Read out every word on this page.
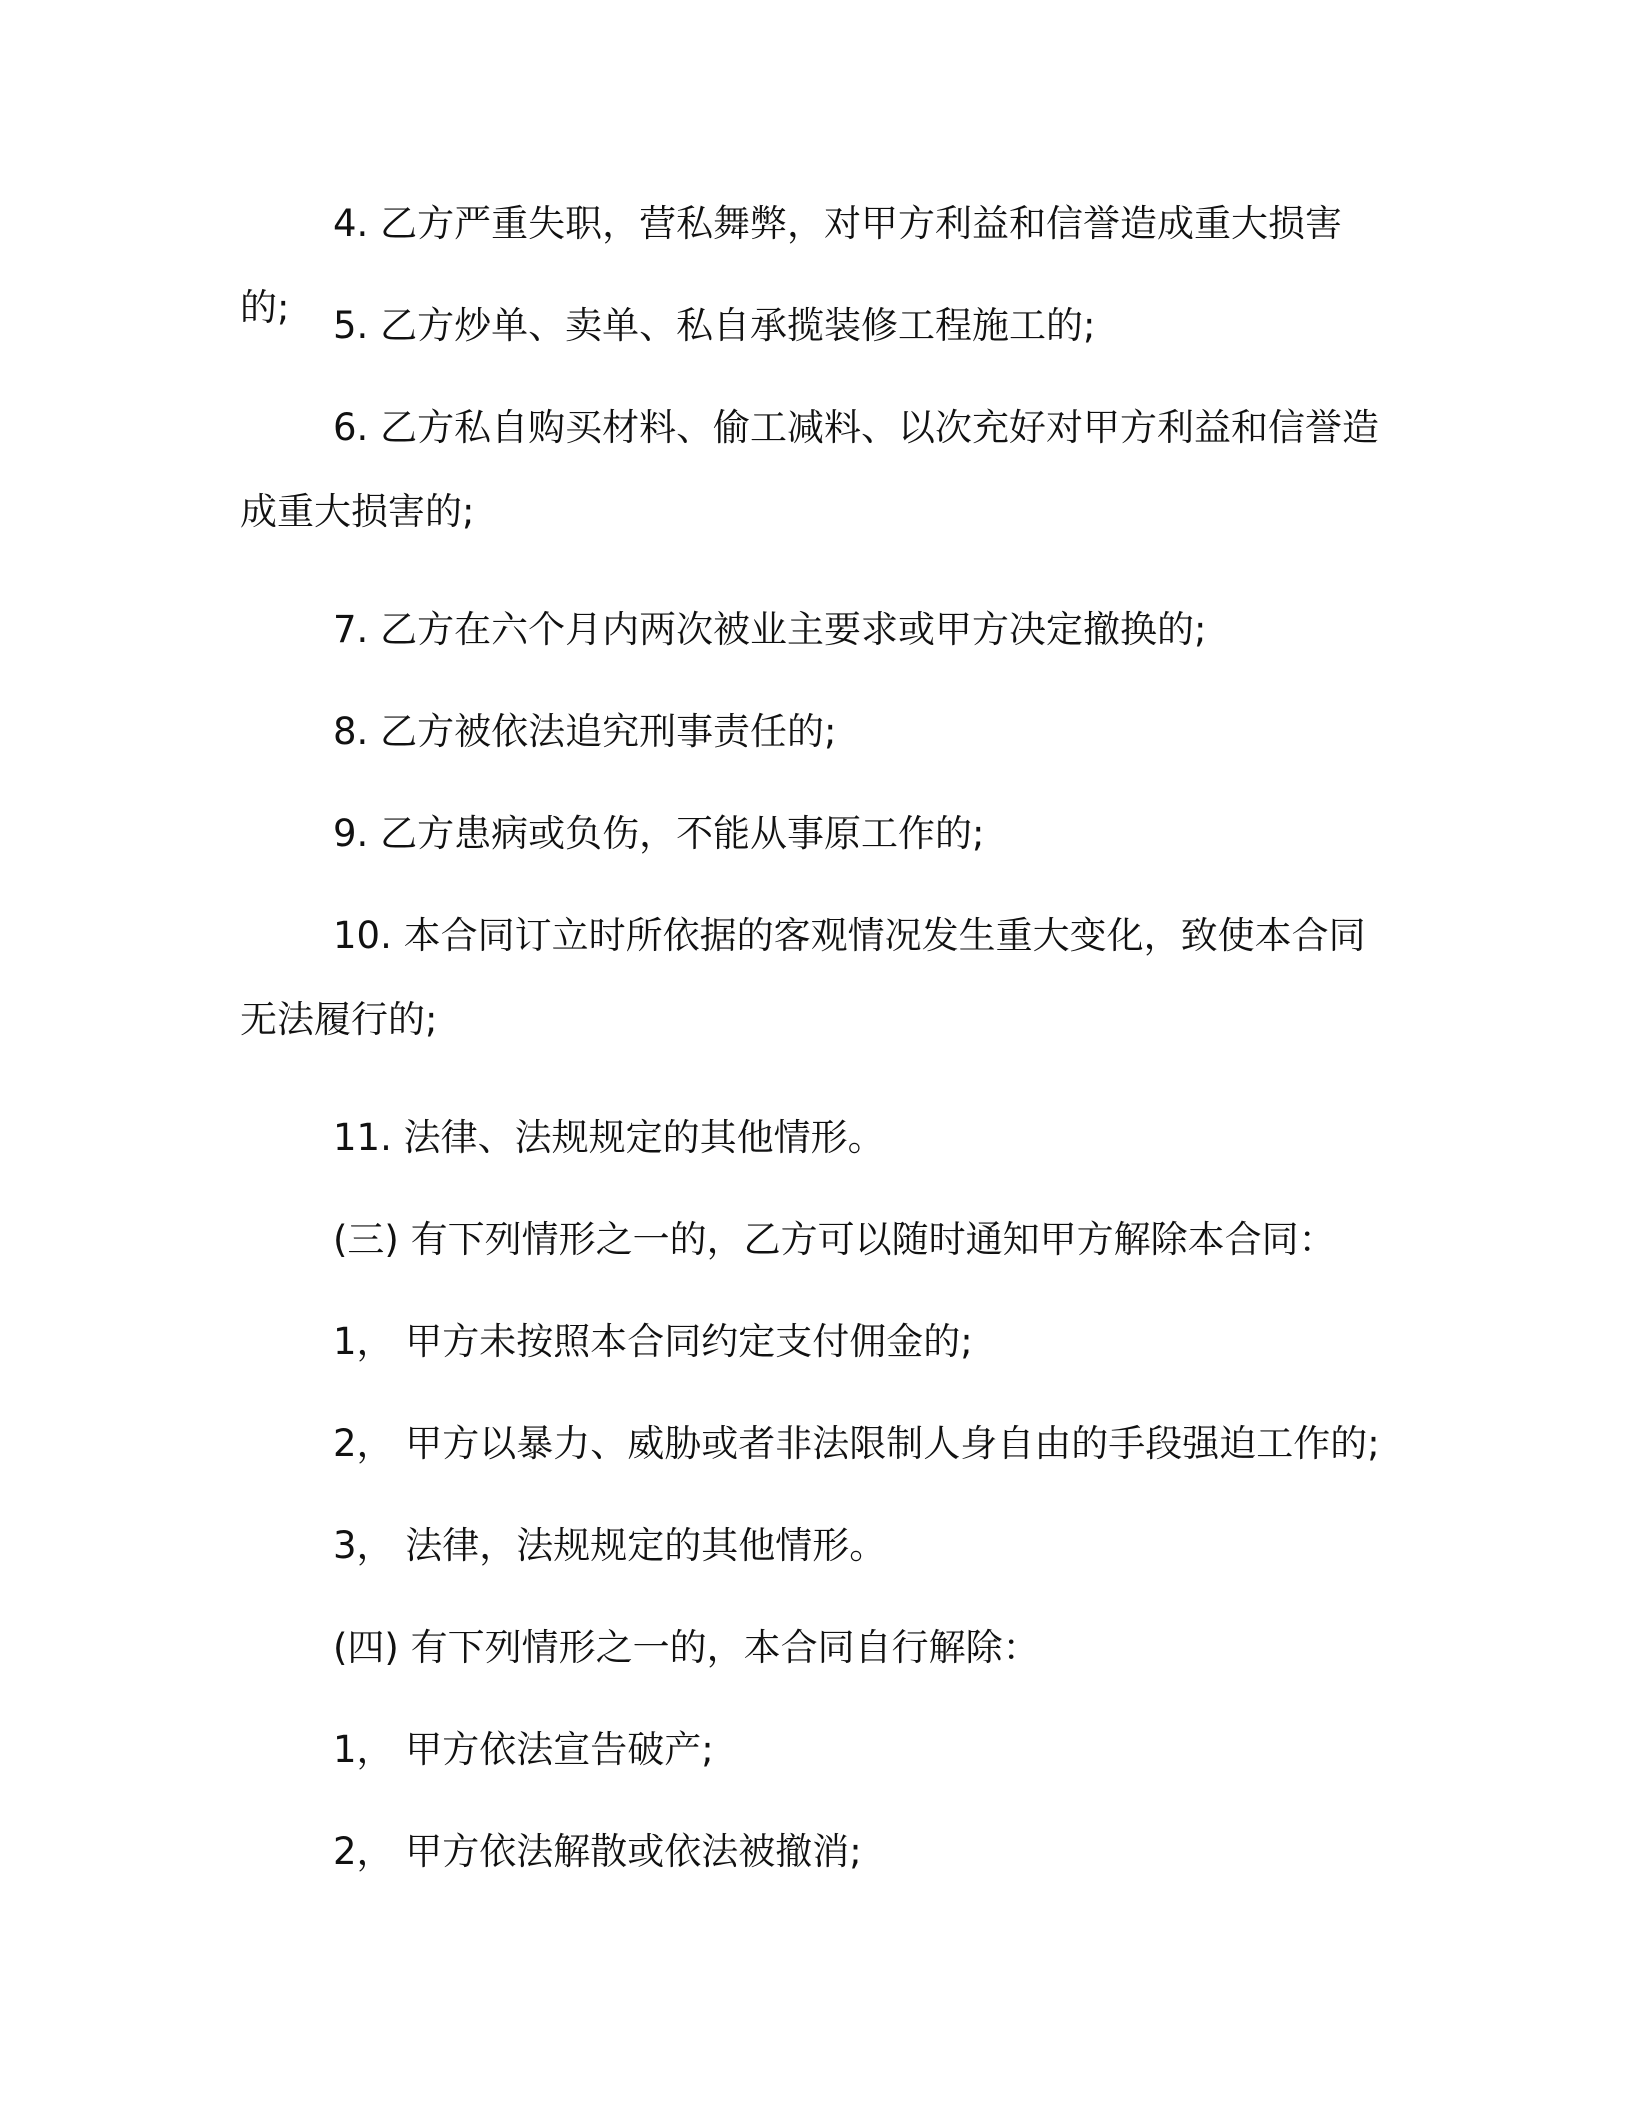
4. 乙方严重失职，营私舞弊，对甲方利益和信誉造成重大损害的;	5. 乙方炒单、卖单、私自承揽装修工程施工的;

6. 乙方私自购买材料、偷工减料、以次充好对甲方利益和信誉造成重大损害的;

7. 乙方在六个月内两次被业主要求或甲方决定撤换的;

8. 乙方被依法追究刑事责任的;

9. 乙方患病或负伤，不能从事原工作的;

10. 本合同订立时所依据的客观情况发生重大变化，致使本合同无法履行的;

11. 法律、法规规定的其他情形。

(三) 有下列情形之一的，乙方可以随时通知甲方解除本合同：

1， 甲方未按照本合同约定支付佣金的;

2， 甲方以暴力、威胁或者非法限制人身自由的手段强迫工作的;

3， 法律，法规规定的其他情形。

(四) 有下列情形之一的，本合同自行解除：

1， 甲方依法宣告破产;

2， 甲方依法解散或依法被撤消;
